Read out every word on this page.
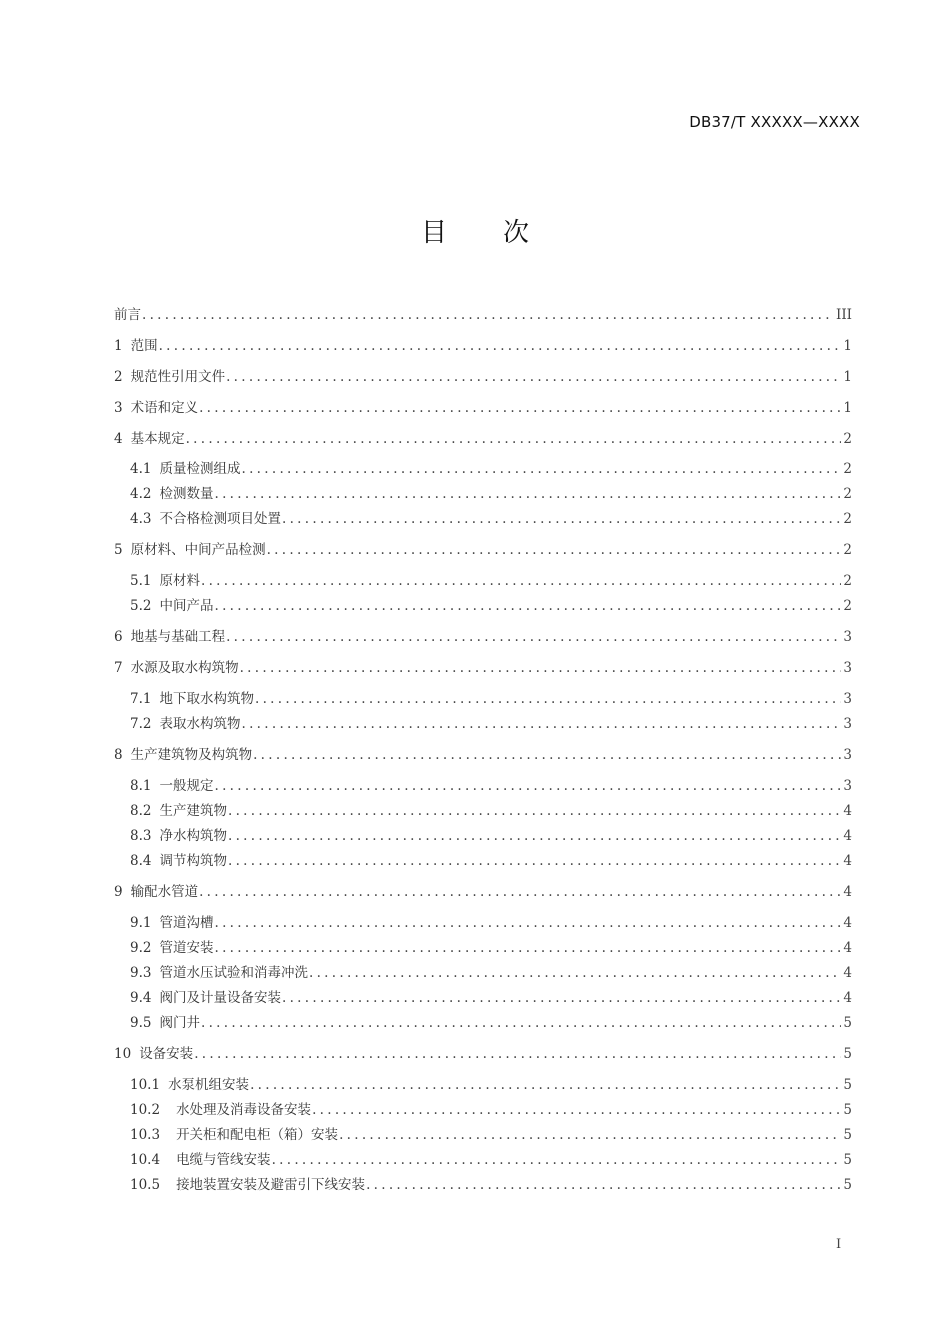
DB37/T XXXXX—XXXX
目 次
前言 .....	III
1 范围 .....	1
2 规范性引用文件 .....	1
3 术语和定义 .....	1
4 基本规定 .....	2
4.1 质量检测组成 .....	2
4.2 检测数量 .....	2
4.3 不合格检测项目处置 .....	2
5 原材料、中间产品检测 .....	2
5.1 原材料 .....	2
5.2 中间产品 .....	2
6 地基与基础工程 .....	3
7 水源及取水构筑物 .....	3
7.1 地下取水构筑物 .....	3
7.2 表取水构筑物 .....	3
8 生产建筑物及构筑物 .....	3
8.1 一般规定 .....	3
8.2 生产建筑物 .....	4
8.3 净水构筑物 .....	4
8.4 调节构筑物 .....	4
9 输配水管道 .....	4
9.1 管道沟槽 .....	4
9.2 管道安装 .....	4
9.3 管道水压试验和消毒冲洗 .....	4
9.4 阀门及计量设备安装 .....	4
9.5 阀门井 .....	5
10 设备安装 .....	5
10.1 水泵机组安装 .....	5
10.2 水处理及消毒设备安装 .....	5
10.3 开关柜和配电柜（箱）安装 .....	5
10.4 电缆与管线安装 .....	5
10.5 接地装置安装及避雷引下线安装 .....	5
I
